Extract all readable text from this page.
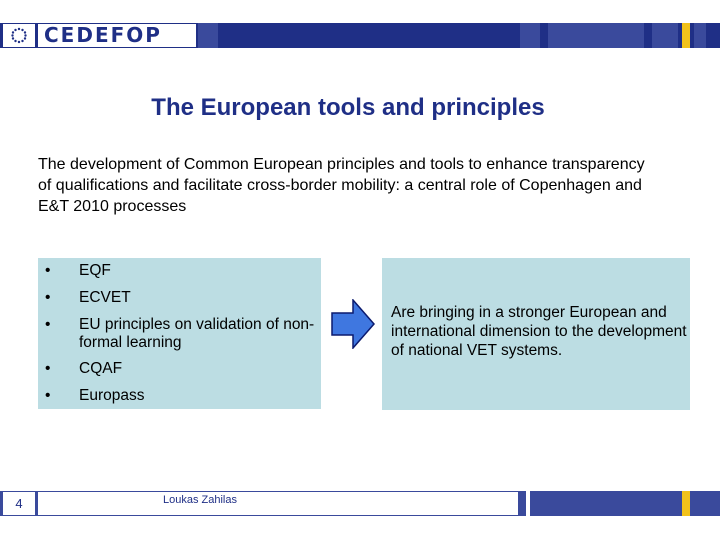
CEDEFOP
The European tools and principles
The development of Common European principles and tools to enhance transparency of qualifications and facilitate cross-border mobility: a central role of Copenhagen and E&T 2010 processes
• EQF
• ECVET
• EU principles on validation of non-formal learning
• CQAF
• Europass
Are bringing in a stronger European and international dimension to the development of national VET systems.
4	Loukas Zahilas
